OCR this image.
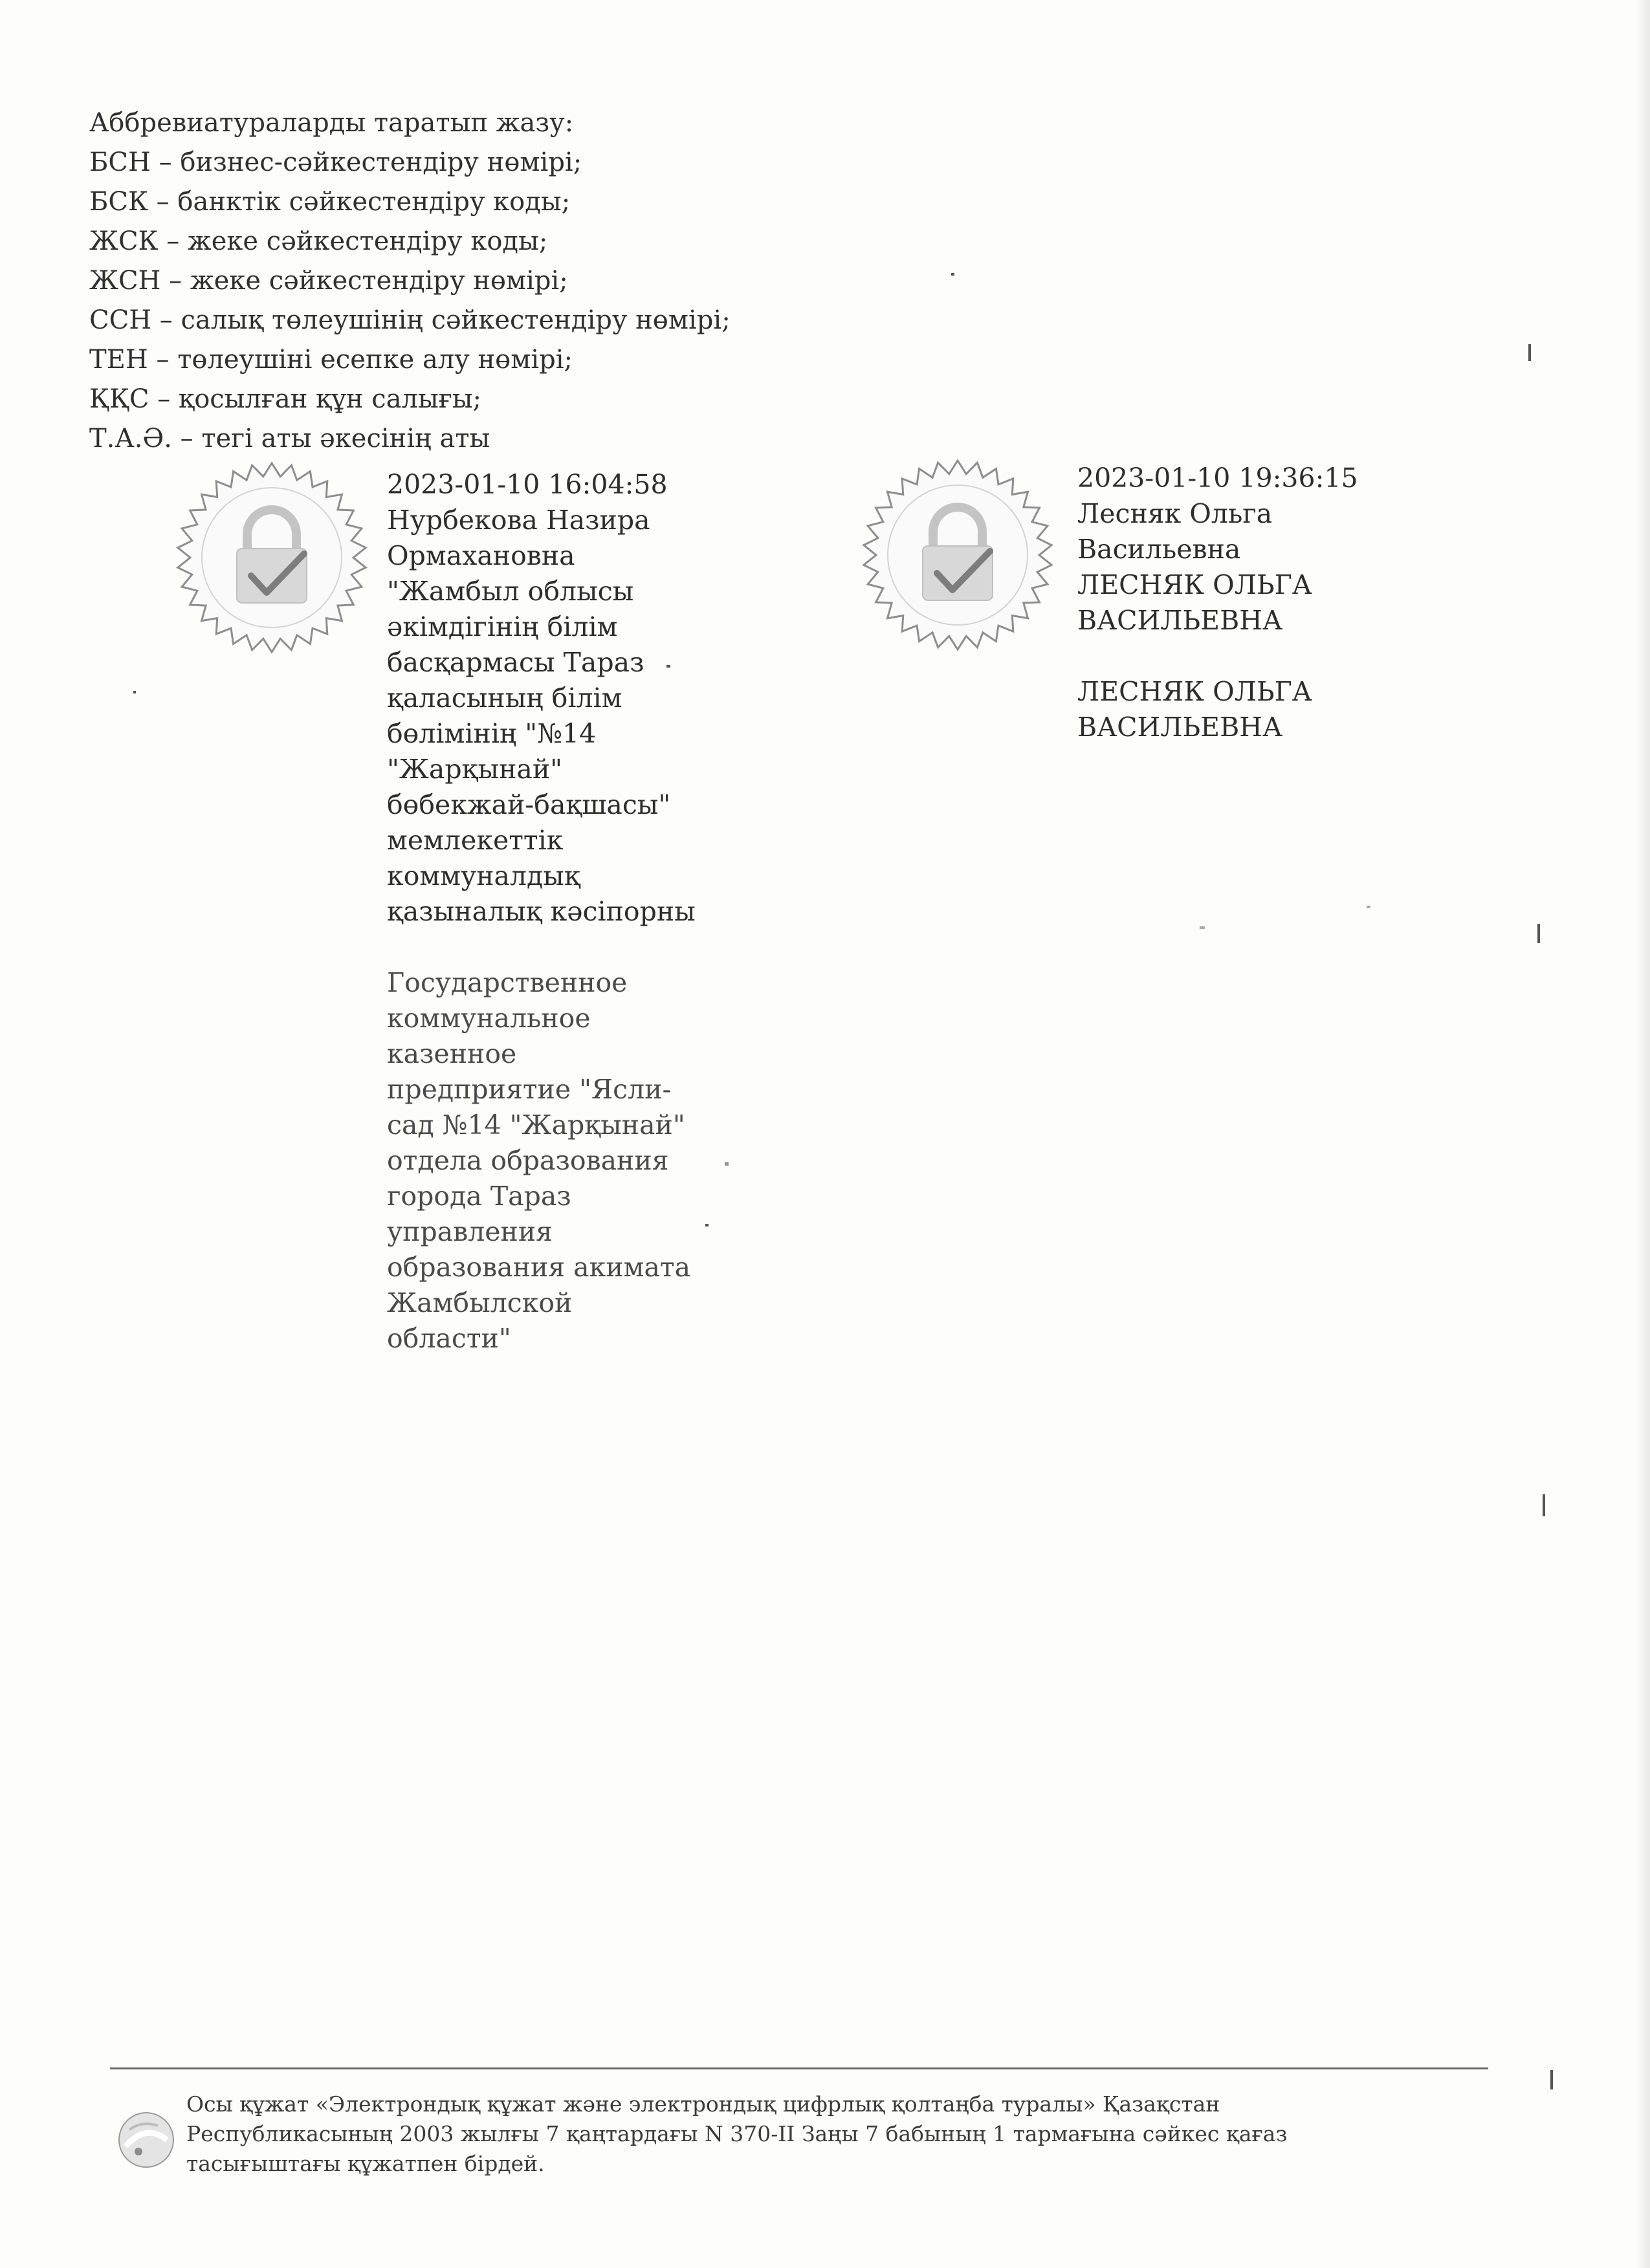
Аббревиатураларды таратып жазу:
БСН – бизнес-сәйкестендіру нөмірі;
БСК – банктік сәйкестендіру коды;
ЖСК – жеке сәйкестендіру коды;
ЖСН – жеке сәйкестендіру нөмірі;
ССН – салық төлеушінің сәйкестендіру нөмірі;
ТЕН – төлеушіні есепке алу нөмірі;
ҚҚС – қосылған құн салығы;
Т.А.Ә. – тегі аты әкесінің аты
2023-01-10 16:04:58
Нурбекова Назира
Ормахановна
"Жамбыл облысы
әкімдігінің білім
басқармасы Тараз
қаласының білім
бөлімінің "№14
"Жарқынай"
бөбекжай-бақшасы"
мемлекеттік
коммуналдық
қазыналық кәсіпорны
Государственное
коммунальное
казенное
предприятие "Ясли-
сад №14 "Жарқынай"
отдела образования
города Тараз
управления
образования акимата
Жамбылской
области"
2023-01-10 19:36:15
Лесняк Ольга
Васильевна
ЛЕСНЯК ОЛЬГА
ВАСИЛЬЕВНА
ЛЕСНЯК ОЛЬГА
ВАСИЛЬЕВНА
Осы құжат «Электрондық құжат және электрондық цифрлық қолтаңба туралы» Қазақстан
Республикасының 2003 жылғы 7 қаңтардағы N 370-II Заңы 7 бабының 1 тармағына сәйкес қағаз
тасығыштағы құжатпен бірдей.
